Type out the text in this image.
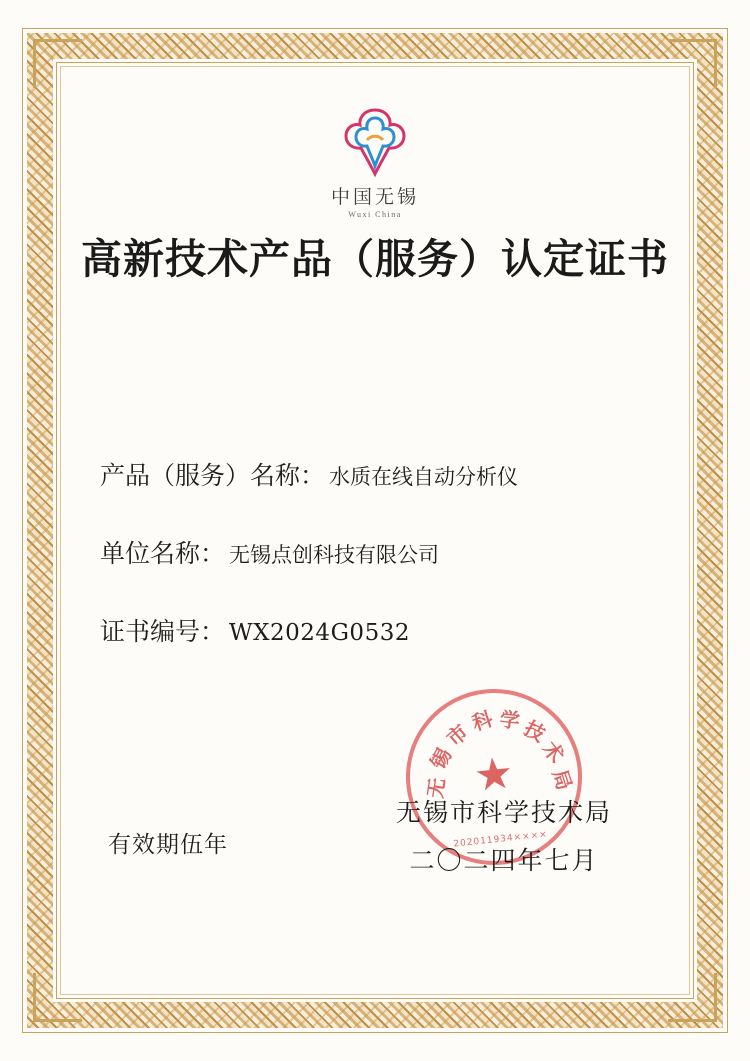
中国无锡
Wuxi China
高新技术产品（服务）认定证书
产品（服务）名称： 水质在线自动分析仪
单位名称： 无锡点创科技有限公司
证书编号： WX2024G0532
有效期伍年
无
锡
市
科 学
技
术
局
★
202011934××××
无锡市科学技术局
二〇二四年七月
